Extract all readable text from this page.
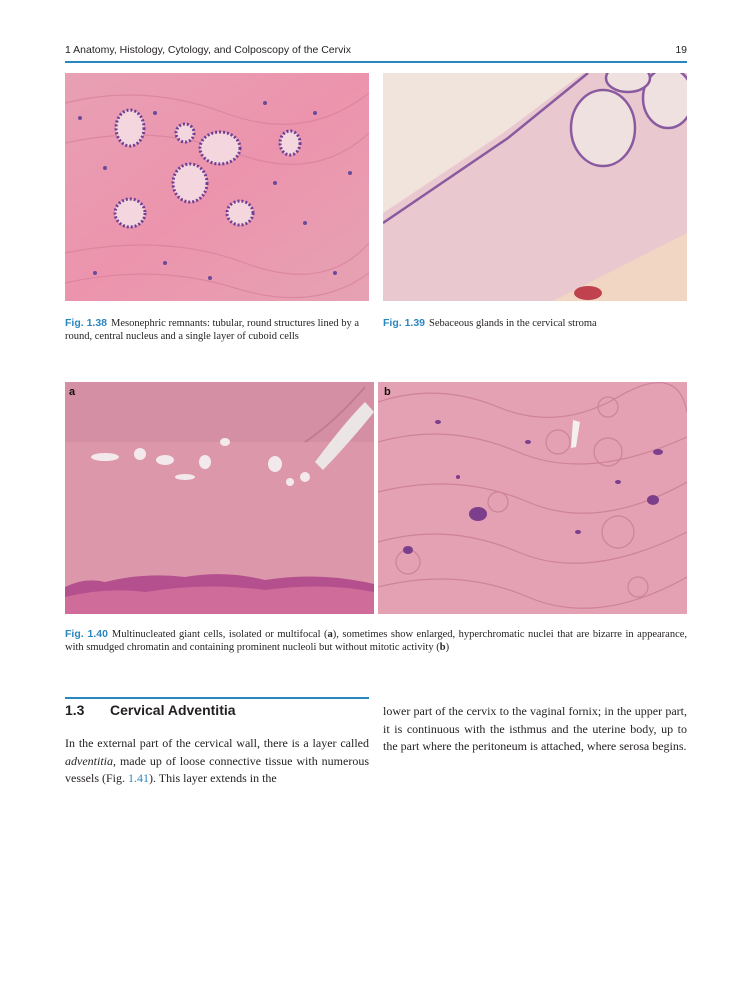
1 Anatomy, Histology, Cytology, and Colposcopy of the Cervix	19
Fig. 1.38 Mesonephric remnants: tubular, round structures lined by a round, central nucleus and a single layer of cuboid cells
Fig. 1.39 Sebaceous glands in the cervical stroma
a	b
Fig. 1.40 Multinucleated giant cells, isolated or multifocal (a), sometimes show enlarged, hyperchromatic nuclei that are bizarre in appearance, with smudged chromatin and containing prominent nucleoli but without mitotic activity (b)
1.3 Cervical Adventitia
In the external part of the cervical wall, there is a layer called adventitia, made up of loose connective tissue with numerous vessels (Fig. 1.41). This layer extends in the
lower part of the cervix to the vaginal fornix; in the upper part, it is continuous with the isthmus and the uterine body, up to the part where the peritoneum is attached, where serosa begins.
